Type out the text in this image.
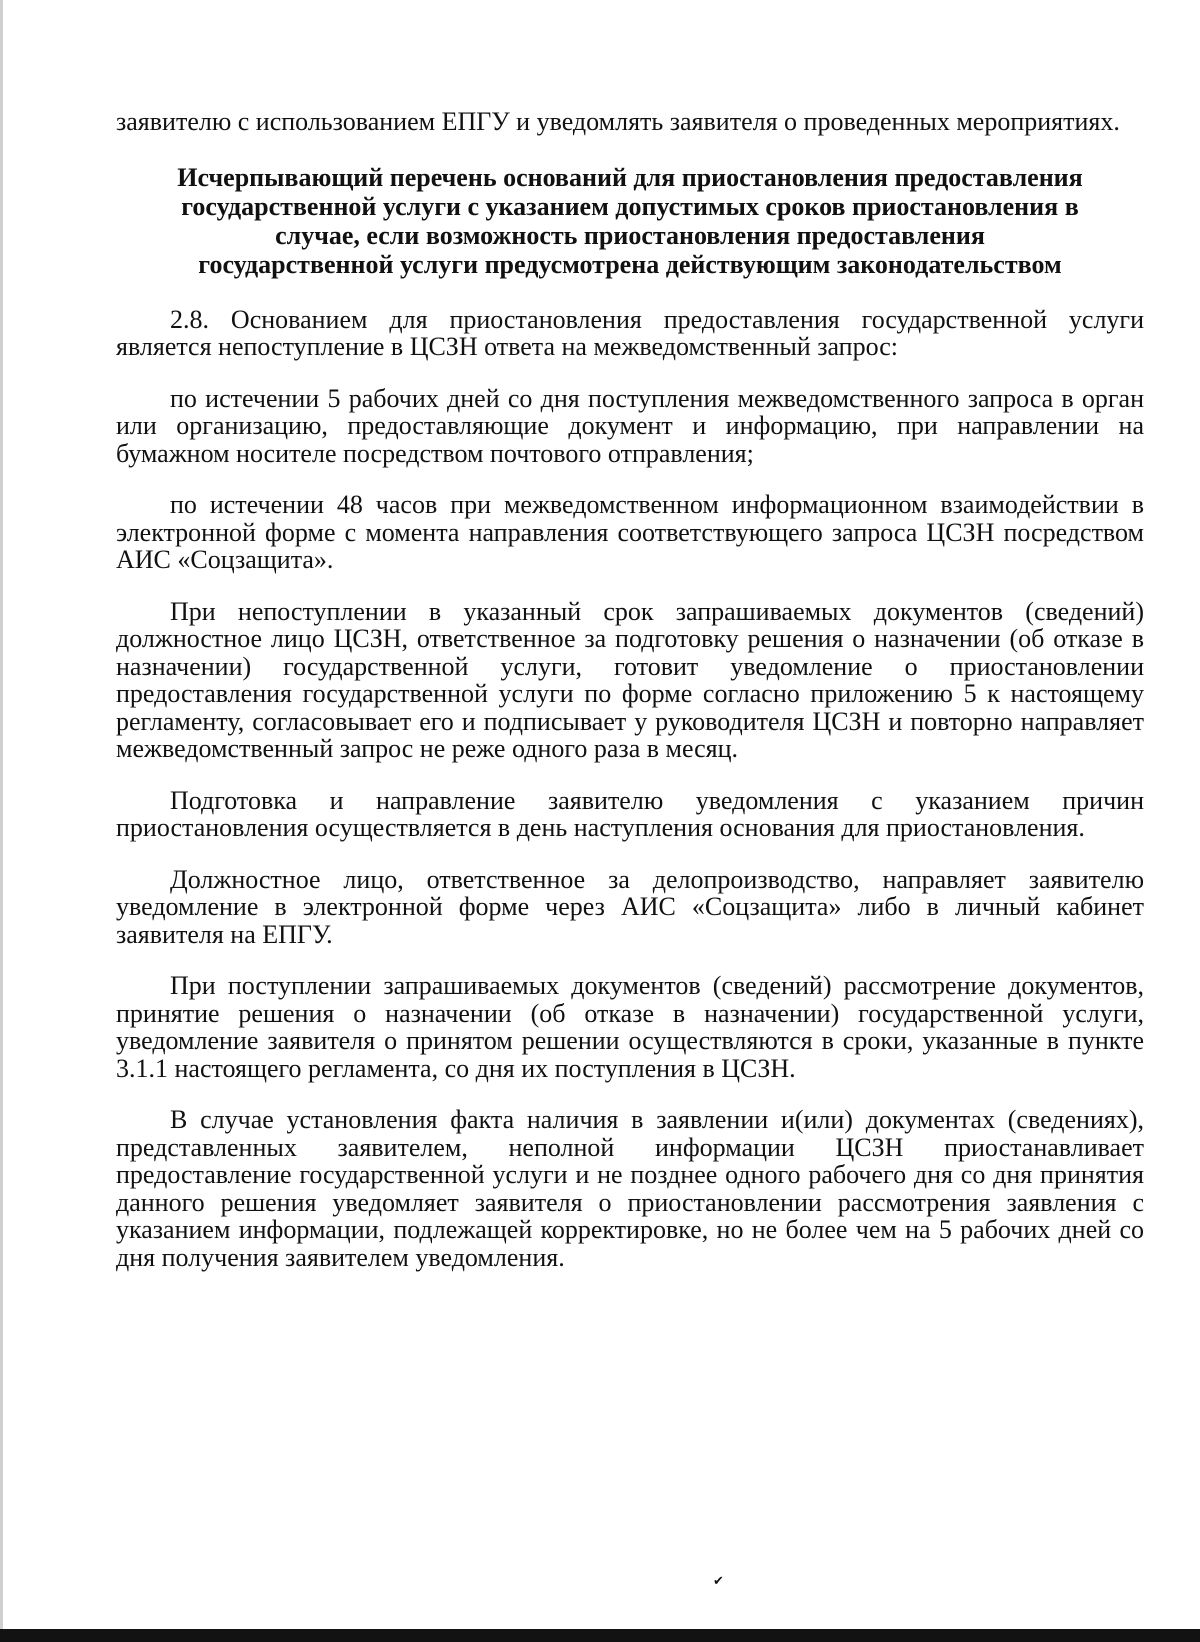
заявителю с использованием ЕПГУ и уведомлять заявителя о проведенных мероприятиях.

Исчерпывающий перечень оснований для приостановления предоставления государственной услуги с указанием допустимых сроков приостановления в случае, если возможность приостановления предоставления государственной услуги предусмотрена действующим законодательством

2.8. Основанием для приостановления предоставления государственной услуги является непоступление в ЦСЗН ответа на межведомственный запрос:

по истечении 5 рабочих дней со дня поступления межведомственного запроса в орган или организацию, предоставляющие документ и информацию, при направлении на бумажном носителе посредством почтового отправления;

по истечении 48 часов при межведомственном информационном взаимодействии в электронной форме с момента направления соответствующего запроса ЦСЗН посредством АИС «Соцзащита».

При непоступлении в указанный срок запрашиваемых документов (сведений) должностное лицо ЦСЗН, ответственное за подготовку решения о назначении (об отказе в назначении) государственной услуги, готовит уведомление о приостановлении предоставления государственной услуги по форме согласно приложению 5 к настоящему регламенту, согласовывает его и подписывает у руководителя ЦСЗН и повторно направляет межведомственный запрос не реже одного раза в месяц.

Подготовка и направление заявителю уведомления с указанием причин приостановления осуществляется в день наступления основания для приостановления.

Должностное лицо, ответственное за делопроизводство, направляет заявителю уведомление в электронной форме через АИС «Соцзащита» либо в личный кабинет заявителя на ЕПГУ.

При поступлении запрашиваемых документов (сведений) рассмотрение документов, принятие решения о назначении (об отказе в назначении) государственной услуги, уведомление заявителя о принятом решении осуществляются в сроки, указанные в пункте 3.1.1 настоящего регламента, со дня их поступления в ЦСЗН.

В случае установления факта наличия в заявлении и(или) документах (сведениях), представленных заявителем, неполной информации ЦСЗН приостанавливает предоставление государственной услуги и не позднее одного рабочего дня со дня принятия данного решения уведомляет заявителя о приостановлении рассмотрения заявления с указанием информации, подлежащей корректировке, но не более чем на 5 рабочих дней со дня получения заявителем уведомления.

✔
